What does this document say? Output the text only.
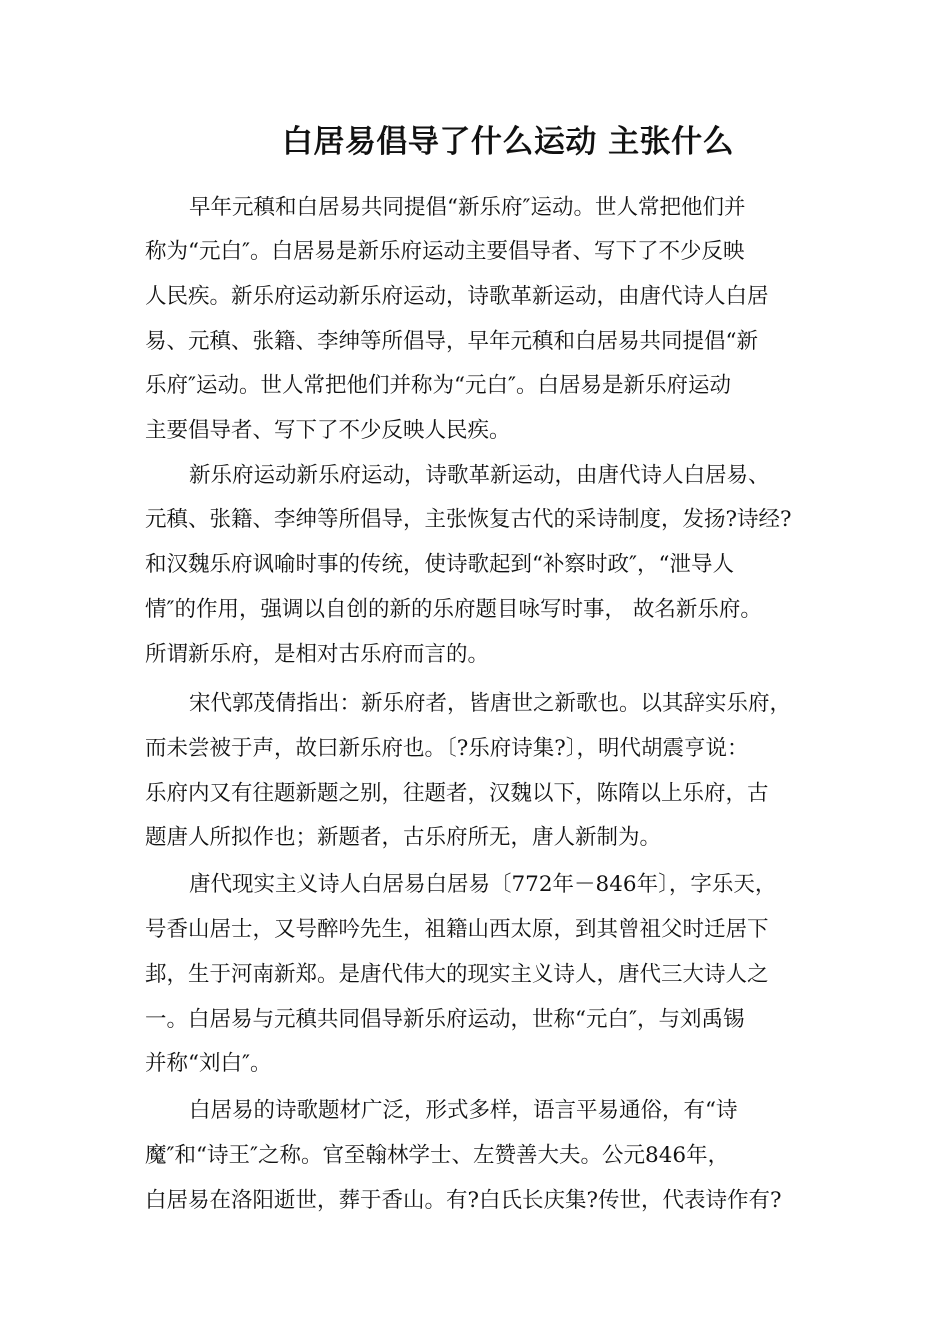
白居易倡导了什么运动 主张什么
早年元稹和白居易共同提倡“新乐府″运动。世人常把他们并
称为“元白″。白居易是新乐府运动主要倡导者、写下了不少反映
人民疾。新乐府运动新乐府运动，诗歌革新运动，由唐代诗人白居
易、元稹、张籍、李绅等所倡导，早年元稹和白居易共同提倡“新
乐府″运动。世人常把他们并称为“元白″。白居易是新乐府运动
主要倡导者、写下了不少反映人民疾。
新乐府运动新乐府运动，诗歌革新运动，由唐代诗人白居易、
元稹、张籍、李绅等所倡导，主张恢复古代的采诗制度，发扬?诗经?
和汉魏乐府讽喻时事的传统，使诗歌起到“补察时政″，“泄导人
情″的作用，强调以自创的新的乐府题目咏写时事， 故名新乐府。
所谓新乐府，是相对古乐府而言的。
宋代郭茂倩指出：新乐府者，皆唐世之新歌也。以其辞实乐府，
而未尝被于声，故曰新乐府也。〔?乐府诗集?〕，明代胡震亨说：
乐府内又有往题新题之别，往题者，汉魏以下，陈隋以上乐府，古
题唐人所拟作也；新题者，古乐府所无，唐人新制为。
唐代现实主义诗人白居易白居易〔772年－846年〕，字乐天，
号香山居士，又号醉吟先生，祖籍山西太原，到其曾祖父时迁居下
邽，生于河南新郑。是唐代伟大的现实主义诗人，唐代三大诗人之
一。白居易与元稹共同倡导新乐府运动，世称“元白″，与刘禹锡
并称“刘白″。
白居易的诗歌题材广泛，形式多样，语言平易通俗，有“诗
魔″和“诗王″之称。官至翰林学士、左赞善大夫。公元846年，
白居易在洛阳逝世，葬于香山。有?白氏长庆集?传世，代表诗作有?
